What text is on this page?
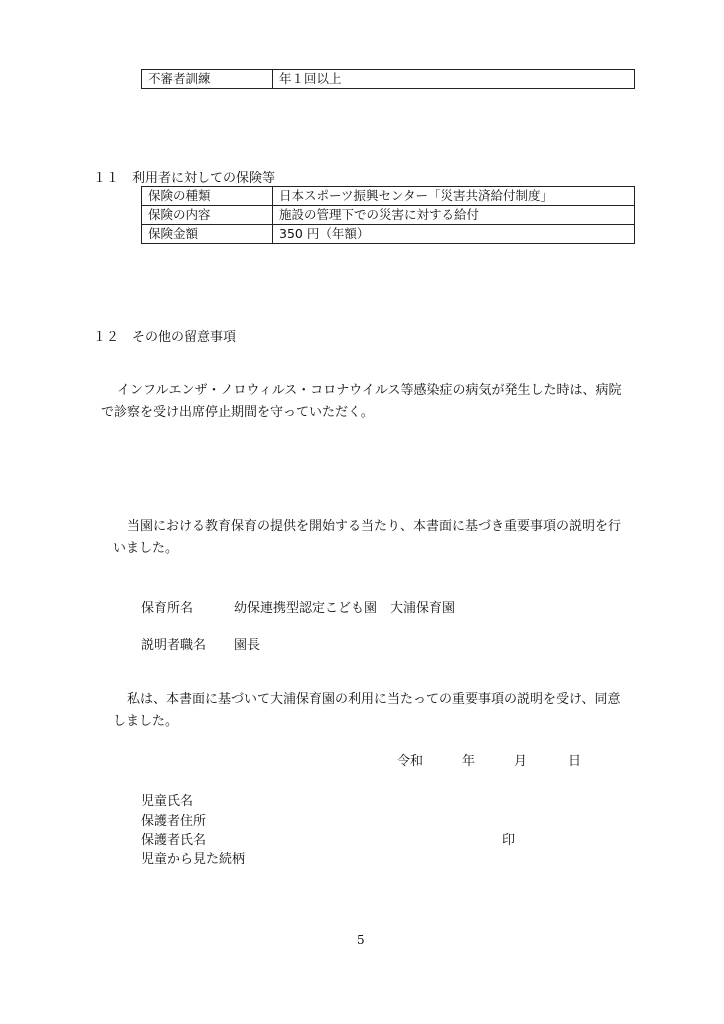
不審者訓練	年１回以上
１１　利用者に対しての保険等
保険の種類	日本スポーツ振興センター「災害共済給付制度」
保険の内容	施設の管理下での災害に対する給付
保険金額	350 円（年額）
１２　その他の留意事項
インフルエンザ・ノロウィルス・コロナウイルス等感染症の病気が発生した時は、病院
で診察を受け出席停止期間を守っていただく。
当園における教育保育の提供を開始する当たり、本書面に基づき重要事項の説明を行
いました。
保育所名	幼保連携型認定こども園　大浦保育園
説明者職名 園長
私は、本書面に基づいて大浦保育園の利用に当たっての重要事項の説明を受け、同意
しました。
令和	年	月	日
児童氏名
保護者住所
保護者氏名	印
児童から見た続柄
5
